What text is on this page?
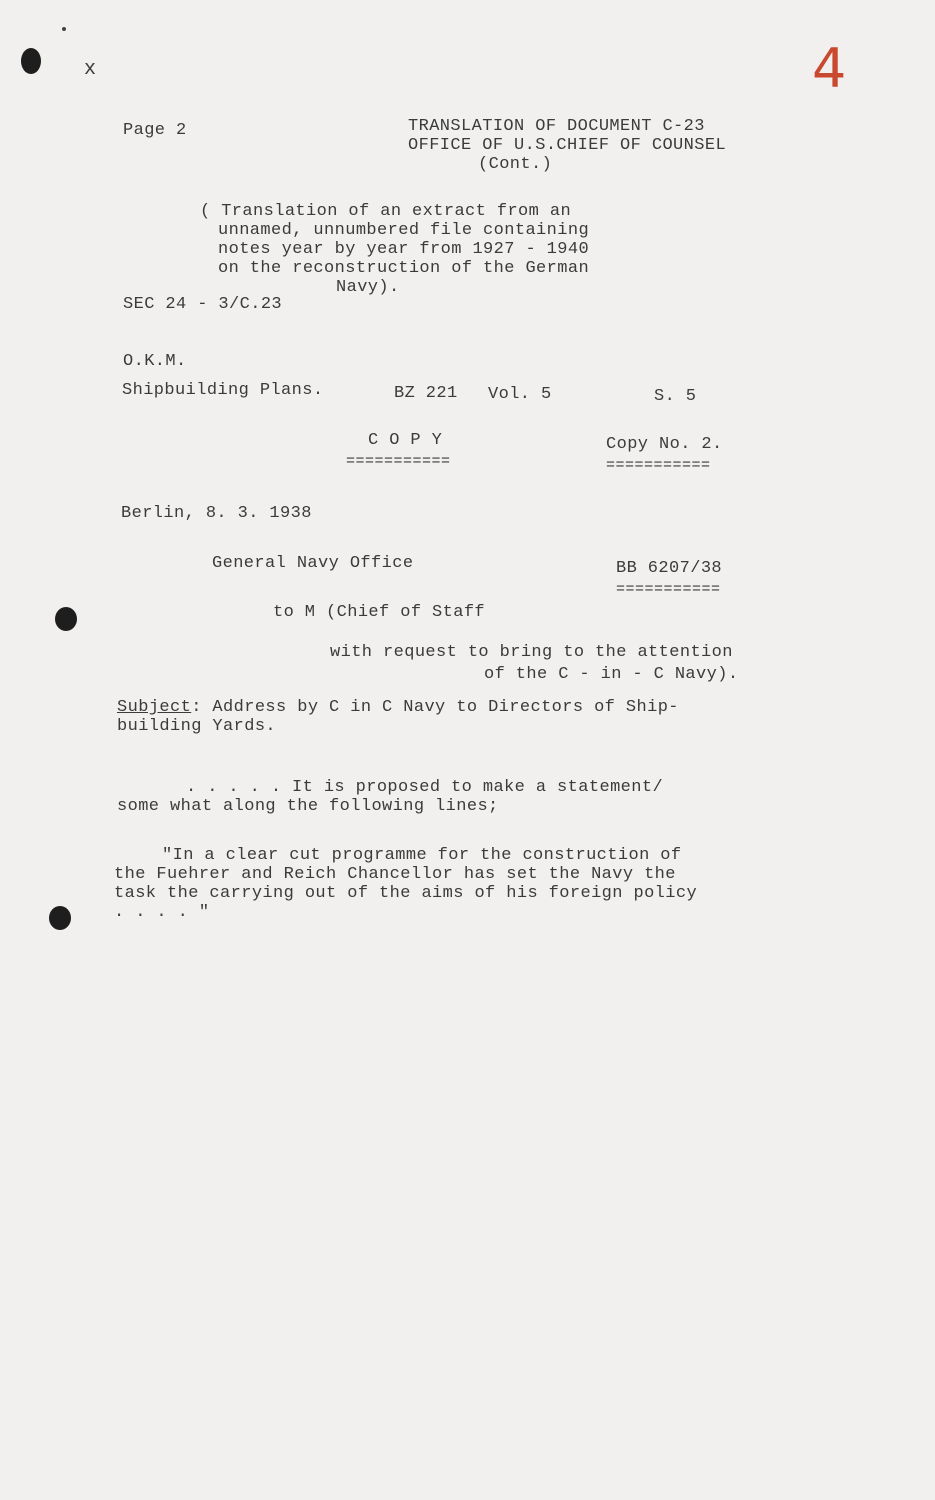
x	4
Page 2	TRANSLATION OF DOCUMENT C-23
OFFICE OF U.S.CHIEF OF COUNSEL
(Cont.)
( Translation of an extract from an
unnamed, unnumbered file containing
notes year by year from 1927 - 1940
on the reconstruction of the German
Navy).
SEC 24 - 3/C.23
O.K.M.
Shipbuilding Plans.	BZ 221 Vol. 5	S. 5
C O P Y
===========
Copy No. 2.
===========
Berlin, 8. 3. 1938
General Navy Office	BB 6207/38
===========
to M (Chief of Staff
with request to bring to the attention
of the C - in - C Navy).
Subject: Address by C in C Navy to Directors of Ship-
building Yards.
. . . . . It is proposed to make a statement/
some what along the following lines;
"In a clear cut programme for the construction of
the Fuehrer and Reich Chancellor has set the Navy the
task the carrying out of the aims of his foreign policy
. . . . "
